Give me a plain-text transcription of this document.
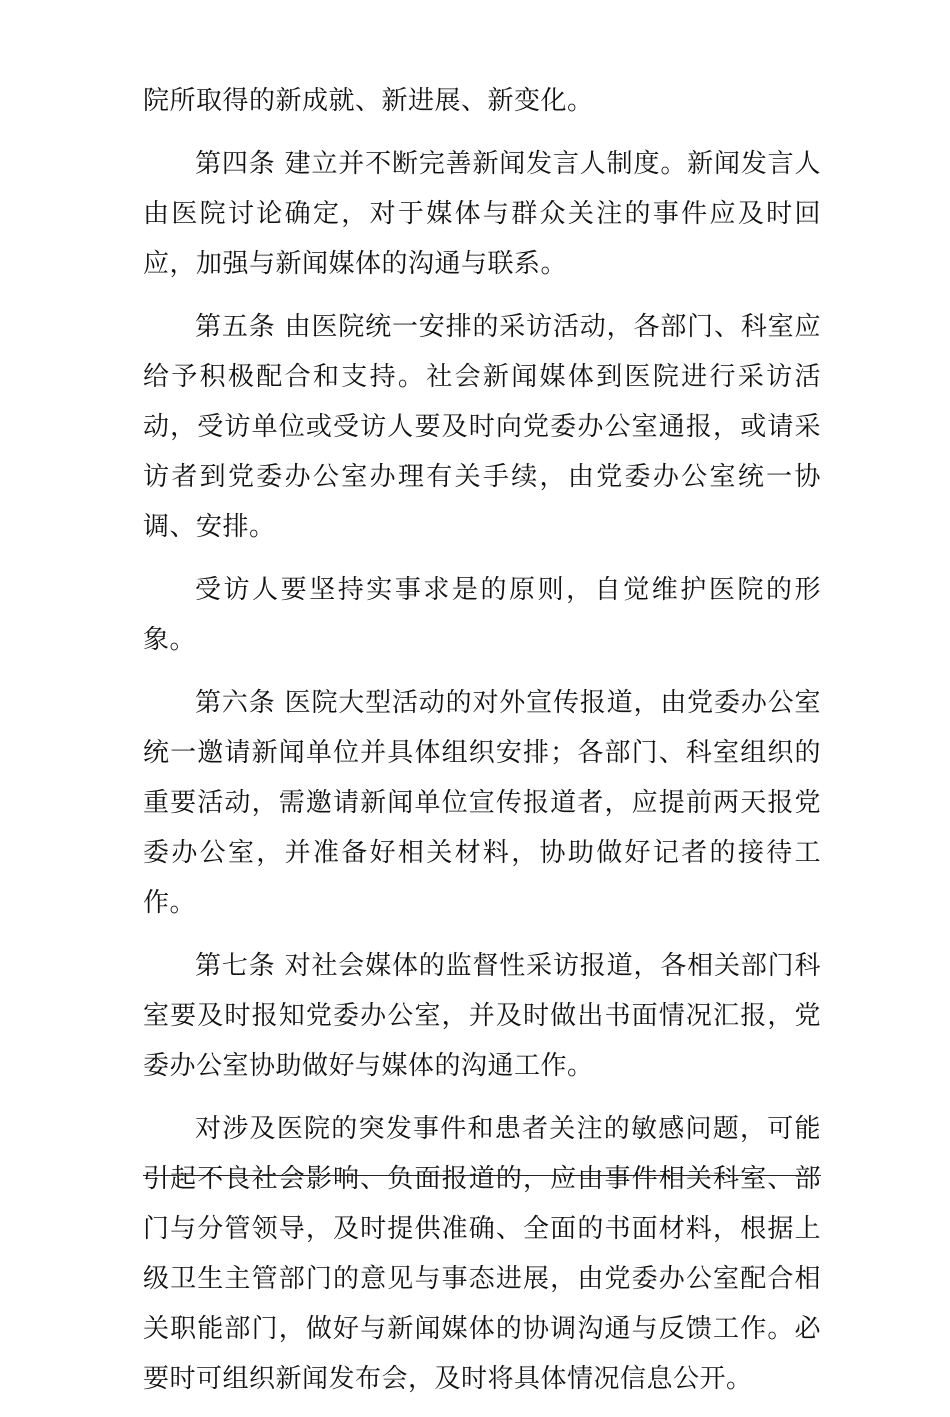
院所取得的新成就、新进展、新变化。

第四条 建立并不断完善新闻发言人制度。新闻发言人由医院讨论确定，对于媒体与群众关注的事件应及时回应，加强与新闻媒体的沟通与联系。

第五条 由医院统一安排的采访活动，各部门、科室应给予积极配合和支持。社会新闻媒体到医院进行采访活动，受访单位或受访人要及时向党委办公室通报，或请采访者到党委办公室办理有关手续，由党委办公室统一协调、安排。

受访人要坚持实事求是的原则，自觉维护医院的形象。

第六条 医院大型活动的对外宣传报道，由党委办公室统一邀请新闻单位并具体组织安排；各部门、科室组织的重要活动，需邀请新闻单位宣传报道者，应提前两天报党委办公室，并准备好相关材料，协助做好记者的接待工作。

第七条 对社会媒体的监督性采访报道，各相关部门科室要及时报知党委办公室，并及时做出书面情况汇报，党委办公室协助做好与媒体的沟通工作。

对涉及医院的突发事件和患者关注的敏感问题，可能引起不良社会影响、负面报道的，应由事件相关科室、部门与分管领导，及时提供准确、全面的书面材料，根据上级卫生主管部门的意见与事态进展，由党委办公室配合相关职能部门，做好与新闻媒体的协调沟通与反馈工作。必要时可组织新闻发布会，及时将具体情况信息公开。
